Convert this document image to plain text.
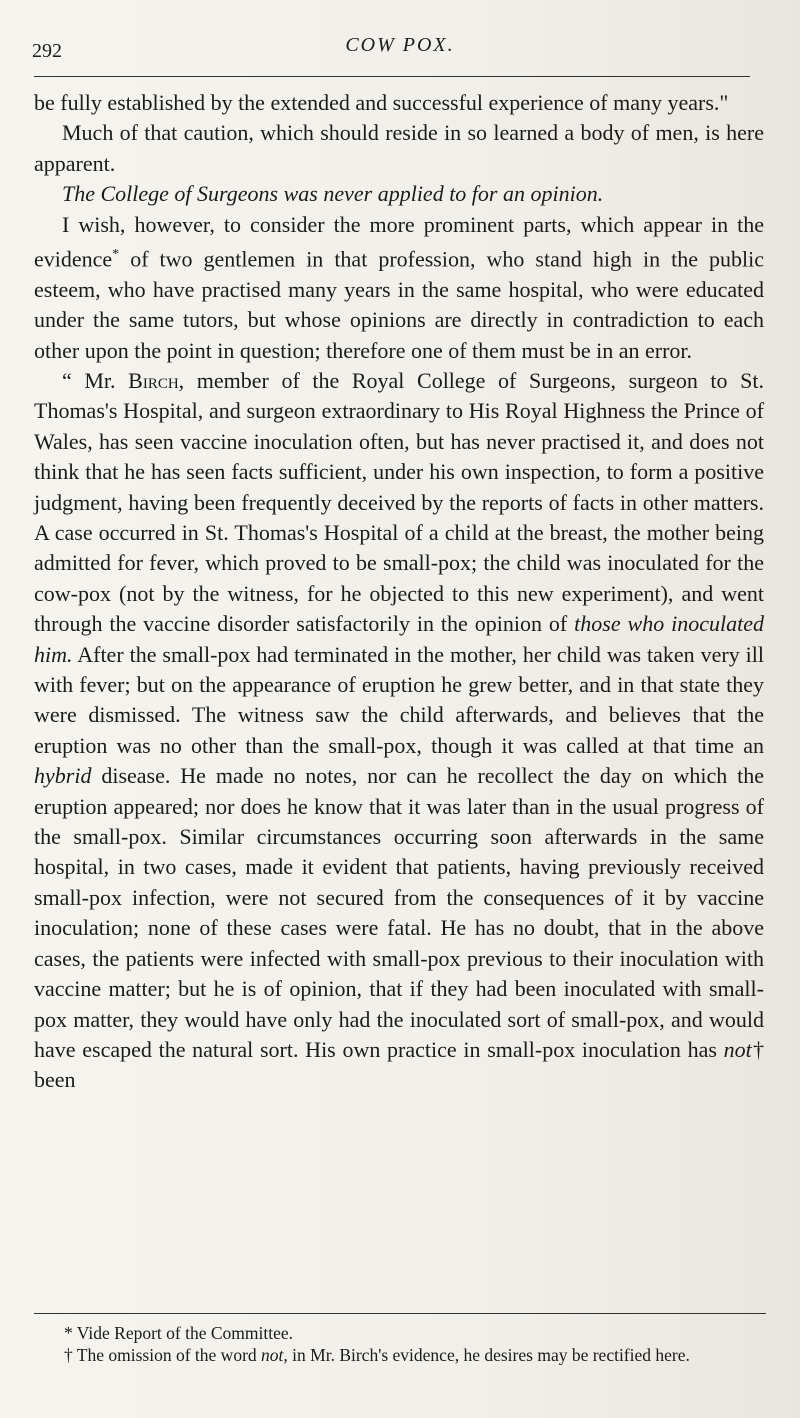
292	COW POX.

be fully established by the extended and successful experience of many years."

Much of that caution, which should reside in so learned a body of men, is here apparent.

The College of Surgeons was never applied to for an opinion.

I wish, however, to consider the more prominent parts, which appear in the evidence* of two gentlemen in that profession, who stand high in the public esteem, who have practised many years in the same hospital, who were educated under the same tutors, but whose opinions are directly in contradiction to each other upon the point in question; therefore one of them must be in an error.

“ Mr. Birch, member of the Royal College of Surgeons, surgeon to St. Thomas's Hospital, and surgeon extraordinary to His Royal Highness the Prince of Wales, has seen vaccine inoculation often, but has never practised it, and does not think that he has seen facts sufficient, under his own inspection, to form a positive judgment, having been frequently deceived by the reports of facts in other matters. A case occurred in St. Thomas's Hospital of a child at the breast, the mother being admitted for fever, which proved to be small-pox; the child was inoculated for the cow-pox (not by the witness, for he objected to this new experiment), and went through the vaccine disorder satisfactorily in the opinion of those who inoculated him. After the small-pox had terminated in the mother, her child was taken very ill with fever; but on the appearance of eruption he grew better, and in that state they were dismissed. The witness saw the child afterwards, and believes that the eruption was no other than the small-pox, though it was called at that time an hybrid disease. He made no notes, nor can he recollect the day on which the eruption appeared; nor does he know that it was later than in the usual progress of the small-pox. Similar circumstances occurring soon afterwards in the same hospital, in two cases, made it evident that patients, having previously received small-pox infection, were not secured from the consequences of it by vaccine inoculation; none of these cases were fatal. He has no doubt, that in the above cases, the patients were infected with small-pox previous to their inoculation with vaccine matter; but he is of opinion, that if they had been inoculated with small-pox matter, they would have only had the inoculated sort of small-pox, and would have escaped the natural sort. His own practice in small-pox inoculation has not† been

* Vide Report of the Committee.

† The omission of the word not, in Mr. Birch's evidence, he desires may be rectified here.
